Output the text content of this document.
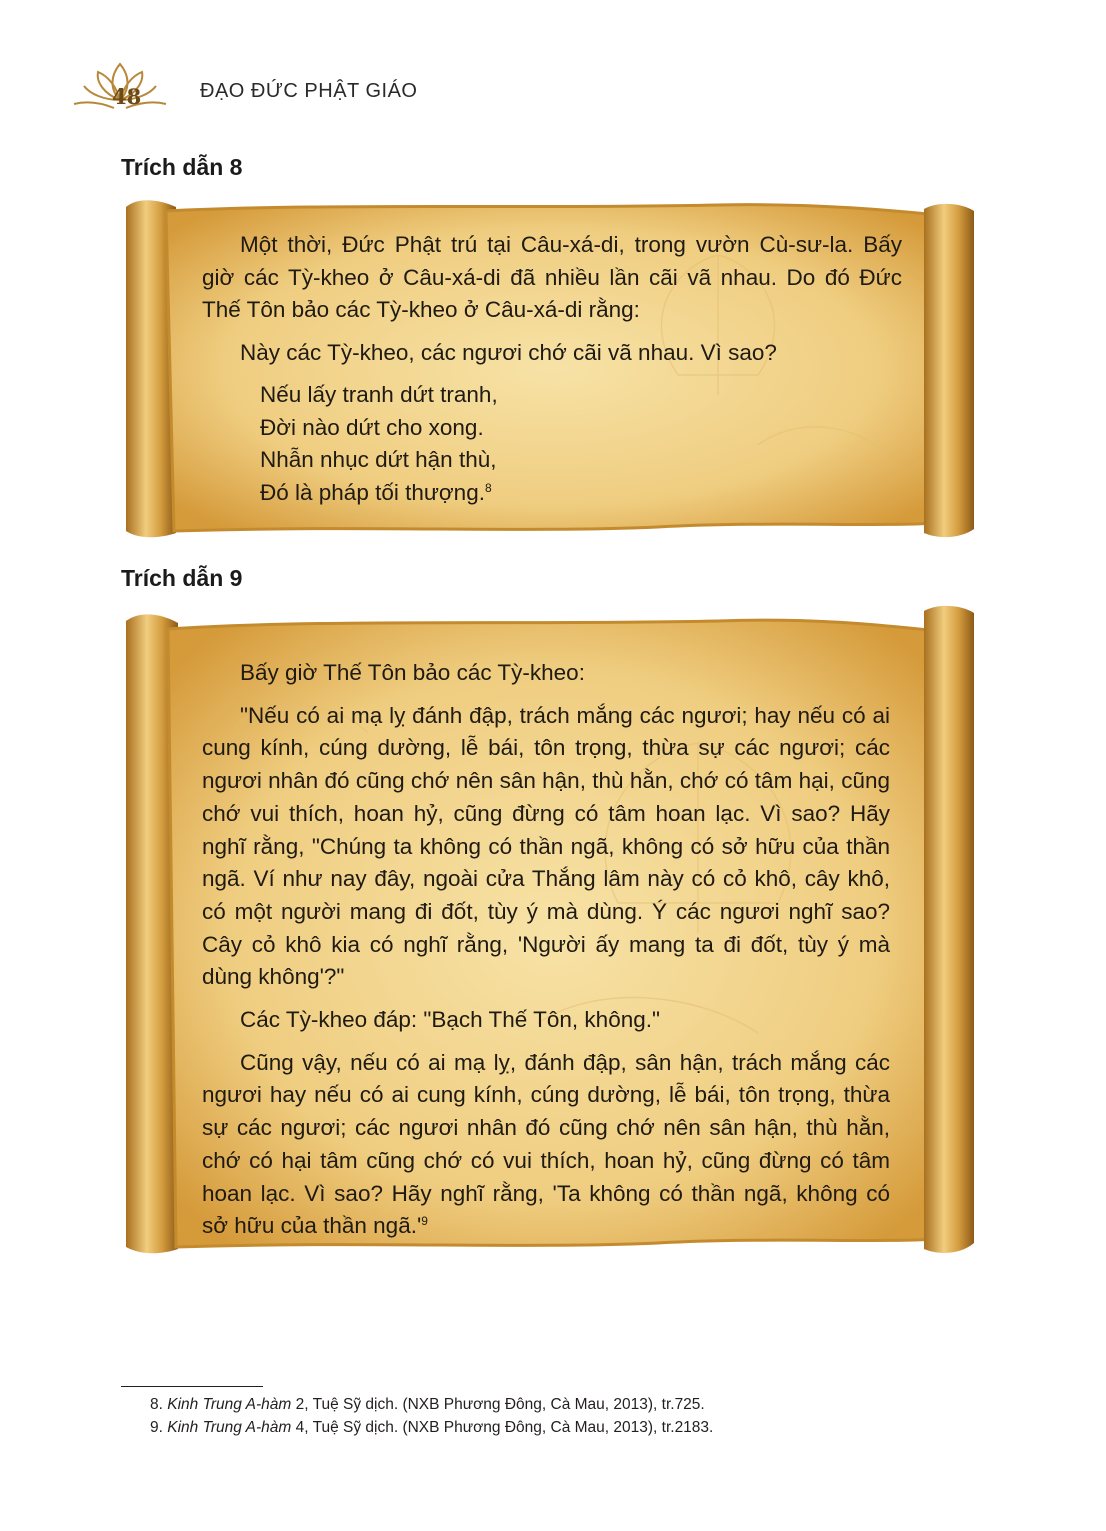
48	ĐẠO ĐỨC PHẬT GIÁO
Trích dẫn 8

Một thời, Đức Phật trú tại Câu-xá-di, trong vườn Cù-sư-la. Bấy giờ các Tỳ-kheo ở Câu-xá-di đã nhiều lần cãi vã nhau. Do đó Đức Thế Tôn bảo các Tỳ-kheo ở Câu-xá-di rằng:

Này các Tỳ-kheo, các ngươi chớ cãi vã nhau. Vì sao?

Nếu lấy tranh dứt tranh,

Đời nào dứt cho xong.

Nhẫn nhục dứt hận thù,

Đó là pháp tối thượng.$^8$

Trích dẫn 9

Bấy giờ Thế Tôn bảo các Tỳ-kheo:

"Nếu có ai mạ lỵ đánh đập, trách mắng các ngươi; hay nếu có ai cung kính, cúng dường, lễ bái, tôn trọng, thừa sự các ngươi; các ngươi nhân đó cũng chớ nên sân hận, thù hằn, chớ có tâm hại, cũng chớ vui thích, hoan hỷ, cũng đừng có tâm hoan lạc. Vì sao? Hãy nghĩ rằng, "Chúng ta không có thần ngã, không có sở hữu của thần ngã. Ví như nay đây, ngoài cửa Thắng lâm này có cỏ khô, cây khô, có một người mang đi đốt, tùy ý mà dùng. Ý các ngươi nghĩ sao? Cây cỏ khô kia có nghĩ rằng, 'Người ấy mang ta đi đốt, tùy ý mà dùng không'?"

Các Tỳ-kheo đáp: "Bạch Thế Tôn, không."

Cũng vậy, nếu có ai mạ lỵ, đánh đập, sân hận, trách mắng các ngươi hay nếu có ai cung kính, cúng dường, lễ bái, tôn trọng, thừa sự các ngươi; các ngươi nhân đó cũng chớ nên sân hận, thù hằn, chớ có hại tâm cũng chớ có vui thích, hoan hỷ, cũng đừng có tâm hoan lạc. Vì sao? Hãy nghĩ rằng, 'Ta không có thần ngã, không có sở hữu của thần $ngã.'^9$

8. Kinh Trung A-hàm 2, Tuệ Sỹ dịch. (NXB Phương Đông, Cà Mau, 2013), tr.725.
9. Kinh Trung A-hàm 4, Tuệ Sỹ dịch. (NXB Phương Đông, Cà Mau, 2013), tr.2183.
